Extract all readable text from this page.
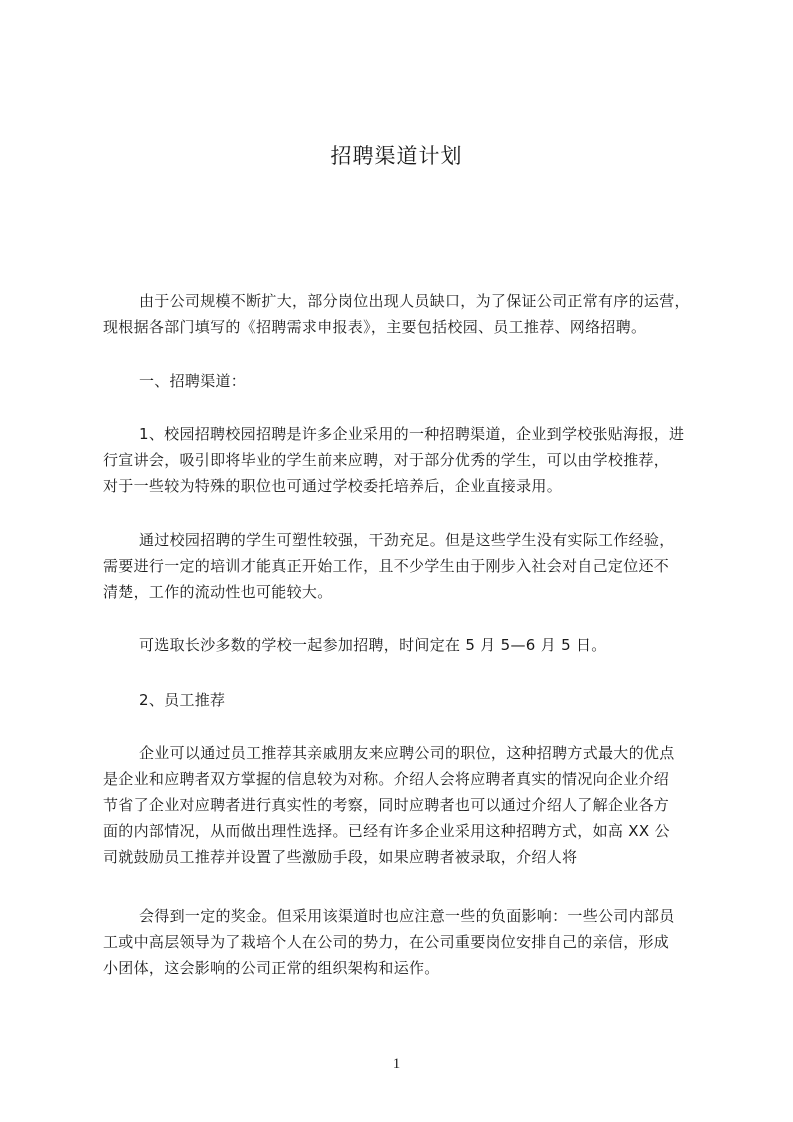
招聘渠道计划
由于公司规模不断扩大，部分岗位出现人员缺口，为了保证公司正常有序的运营，
现根据各部门填写的《招聘需求申报表》，主要包括校园、员工推荐、网络招聘。
一、招聘渠道：
1、校园招聘校园招聘是许多企业采用的一种招聘渠道，企业到学校张贴海报，进
行宣讲会，吸引即将毕业的学生前来应聘，对于部分优秀的学生，可以由学校推荐，
对于一些较为特殊的职位也可通过学校委托培养后，企业直接录用。
通过校园招聘的学生可塑性较强，干劲充足。但是这些学生没有实际工作经验，
需要进行一定的培训才能真正开始工作，且不少学生由于刚步入社会对自己定位还不
清楚，工作的流动性也可能较大。
可选取长沙多数的学校一起参加招聘，时间定在 5 月 5—6 月 5 日。
2、员工推荐
企业可以通过员工推荐其亲戚朋友来应聘公司的职位，这种招聘方式最大的优点
是企业和应聘者双方掌握的信息较为对称。介绍人会将应聘者真实的情况向企业介绍
节省了企业对应聘者进行真实性的考察，同时应聘者也可以通过介绍人了解企业各方
面的内部情况，从而做出理性选择。已经有许多企业采用这种招聘方式，如高 XX 公
司就鼓励员工推荐并设置了些激励手段，如果应聘者被录取，介绍人将
会得到一定的奖金。但采用该渠道时也应注意一些的负面影响：一些公司内部员
工或中高层领导为了栽培个人在公司的势力，在公司重要岗位安排自己的亲信，形成
小团体，这会影响的公司正常的组织架构和运作。
1
